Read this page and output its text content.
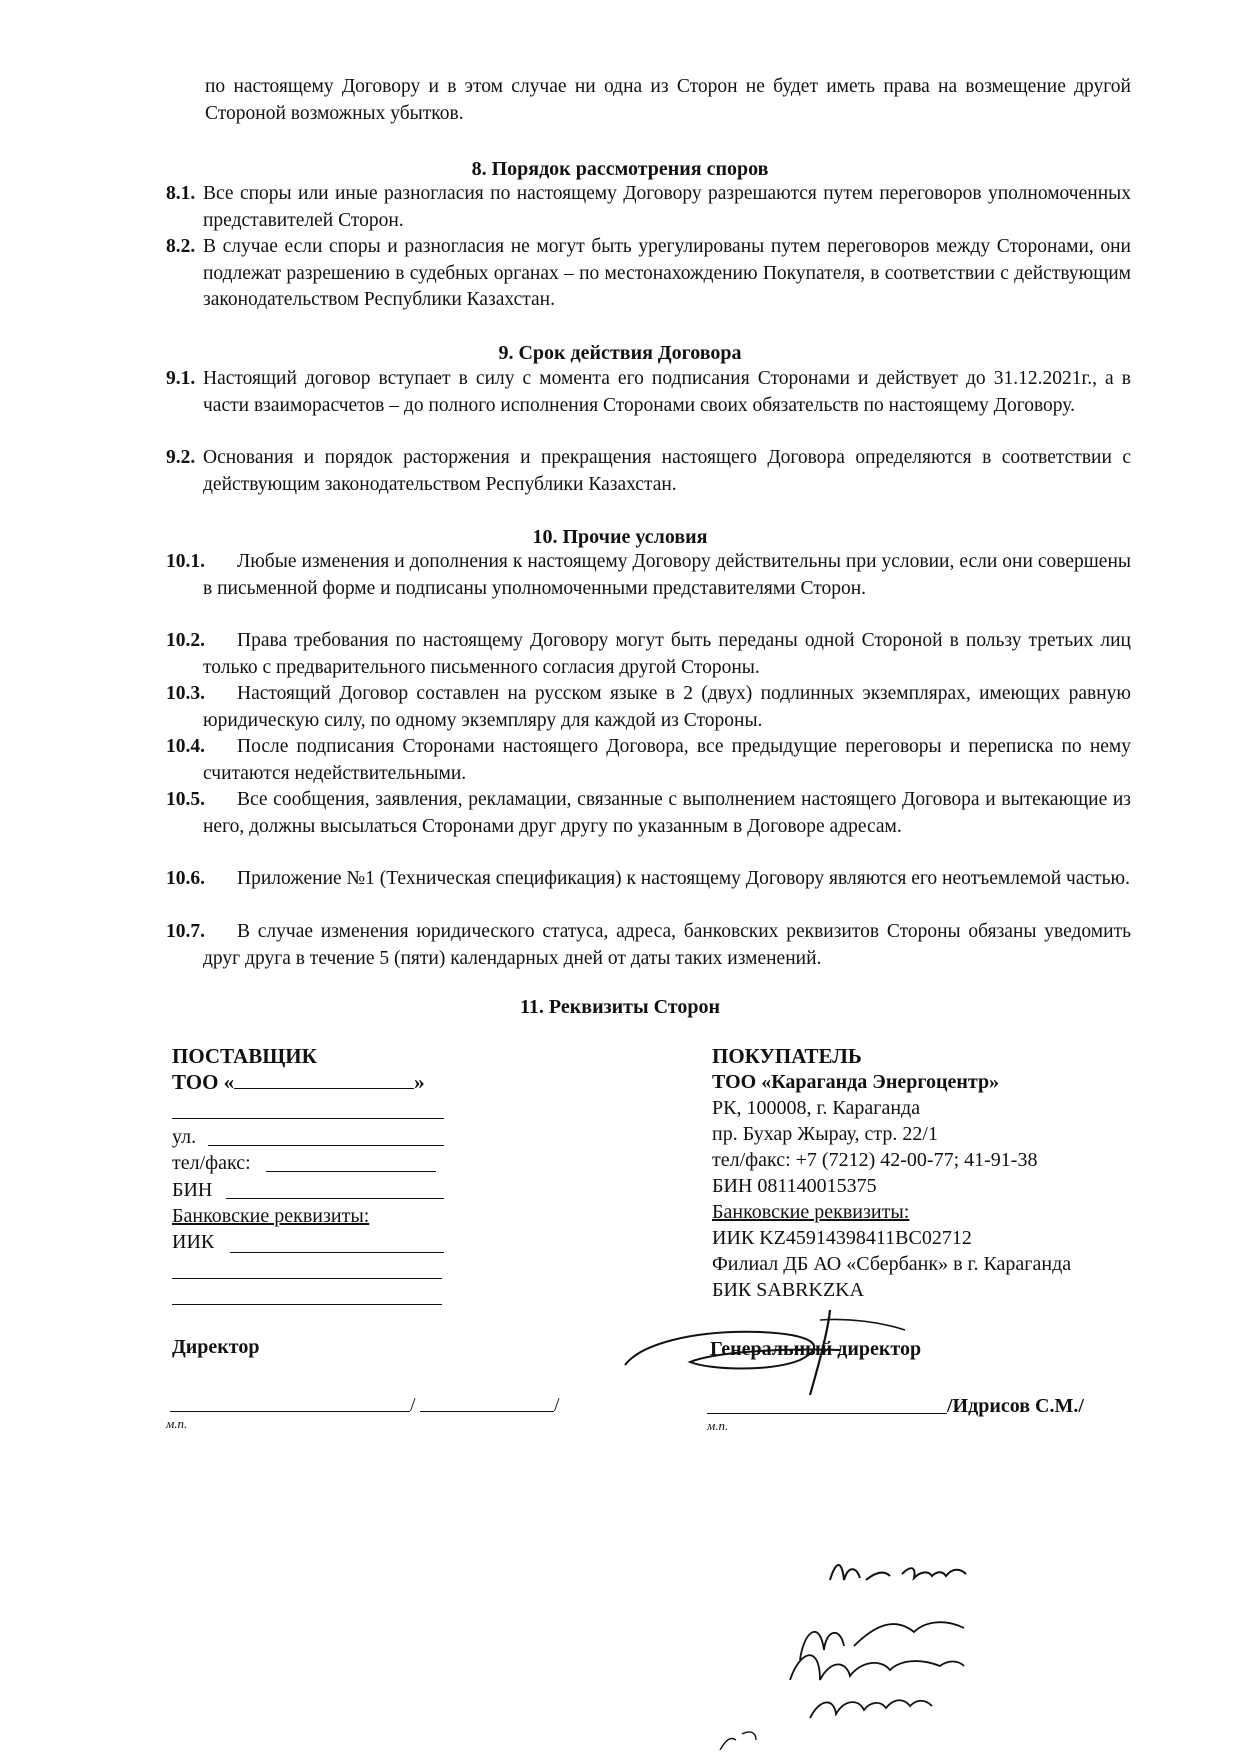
по настоящему Договору и в этом случае ни одна из Сторон не будет иметь права на возмещение другой Стороной возможных убытков.

8. Порядок рассмотрения споров

8.1. Все споры или иные разногласия по настоящему Договору разрешаются путем переговоров уполномоченных представителей Сторон.
8.2. В случае если споры и разногласия не могут быть урегулированы путем переговоров между Сторонами, они подлежат разрешению в судебных органах – по местонахождению Покупателя, в соответствии с действующим законодательством Республики Казахстан.

9. Срок действия Договора

9.1. Настоящий договор вступает в силу с момента его подписания Сторонами и действует до 31.12.2021г., а в части взаиморасчетов – до полного исполнения Сторонами своих обязательств по настоящему Договору.
9.2. Основания и порядок расторжения и прекращения настоящего Договора определяются в соответствии с действующим законодательством Республики Казахстан.

10. Прочие условия

10.1.	Любые изменения и дополнения к настоящему Договору действительны при условии, если они совершены в письменной форме и подписаны уполномоченными представителями Сторон.
10.2.	Права требования по настоящему Договору могут быть переданы одной Стороной в пользу третьих лиц только с предварительного письменного согласия другой Стороны.
10.3.	Настоящий Договор составлен на русском языке в 2 (двух) подлинных экземплярах, имеющих равную юридическую силу, по одному экземпляру для каждой из Стороны.
10.4.	После подписания Сторонами настоящего Договора, все предыдущие переговоры и переписка по нему считаются недействительными.
10.5.	Все сообщения, заявления, рекламации, связанные с выполнением настоящего Договора и вытекающие из него, должны высылаться Сторонами друг другу по указанным в Договоре адресам.
10.6.	Приложение №1 (Техническая спецификация) к настоящему Договору являются его неотъемлемой частью.
10.7.	В случае изменения юридического статуса, адреса, банковских реквизитов Стороны обязаны уведомить друг друга в течение 5 (пяти) календарных дней от даты таких изменений.

11. Реквизиты Сторон

ПОСТАВЩИК
ТОО «	»
ул.
тел/факс:
БИН
Банковские реквизиты:
ИИК
Директор
/	/
м.п.
ПОКУПАТЕЛЬ
ТОО «Караганда Энергоцентр»
РК, 100008, г. Караганда
пр. Бухар Жырау, стр. 22/1
тел/факс: +7 (7212) 42-00-77; 41-91-38
БИН 081140015375
Банковские реквизиты:
ИИК KZ45914398411BC02712
Филиал ДБ АО «Сбербанк» в г. Караганда
БИК SABRKZKA
Генеральный директор
/Идрисов С.М./
м.п.
